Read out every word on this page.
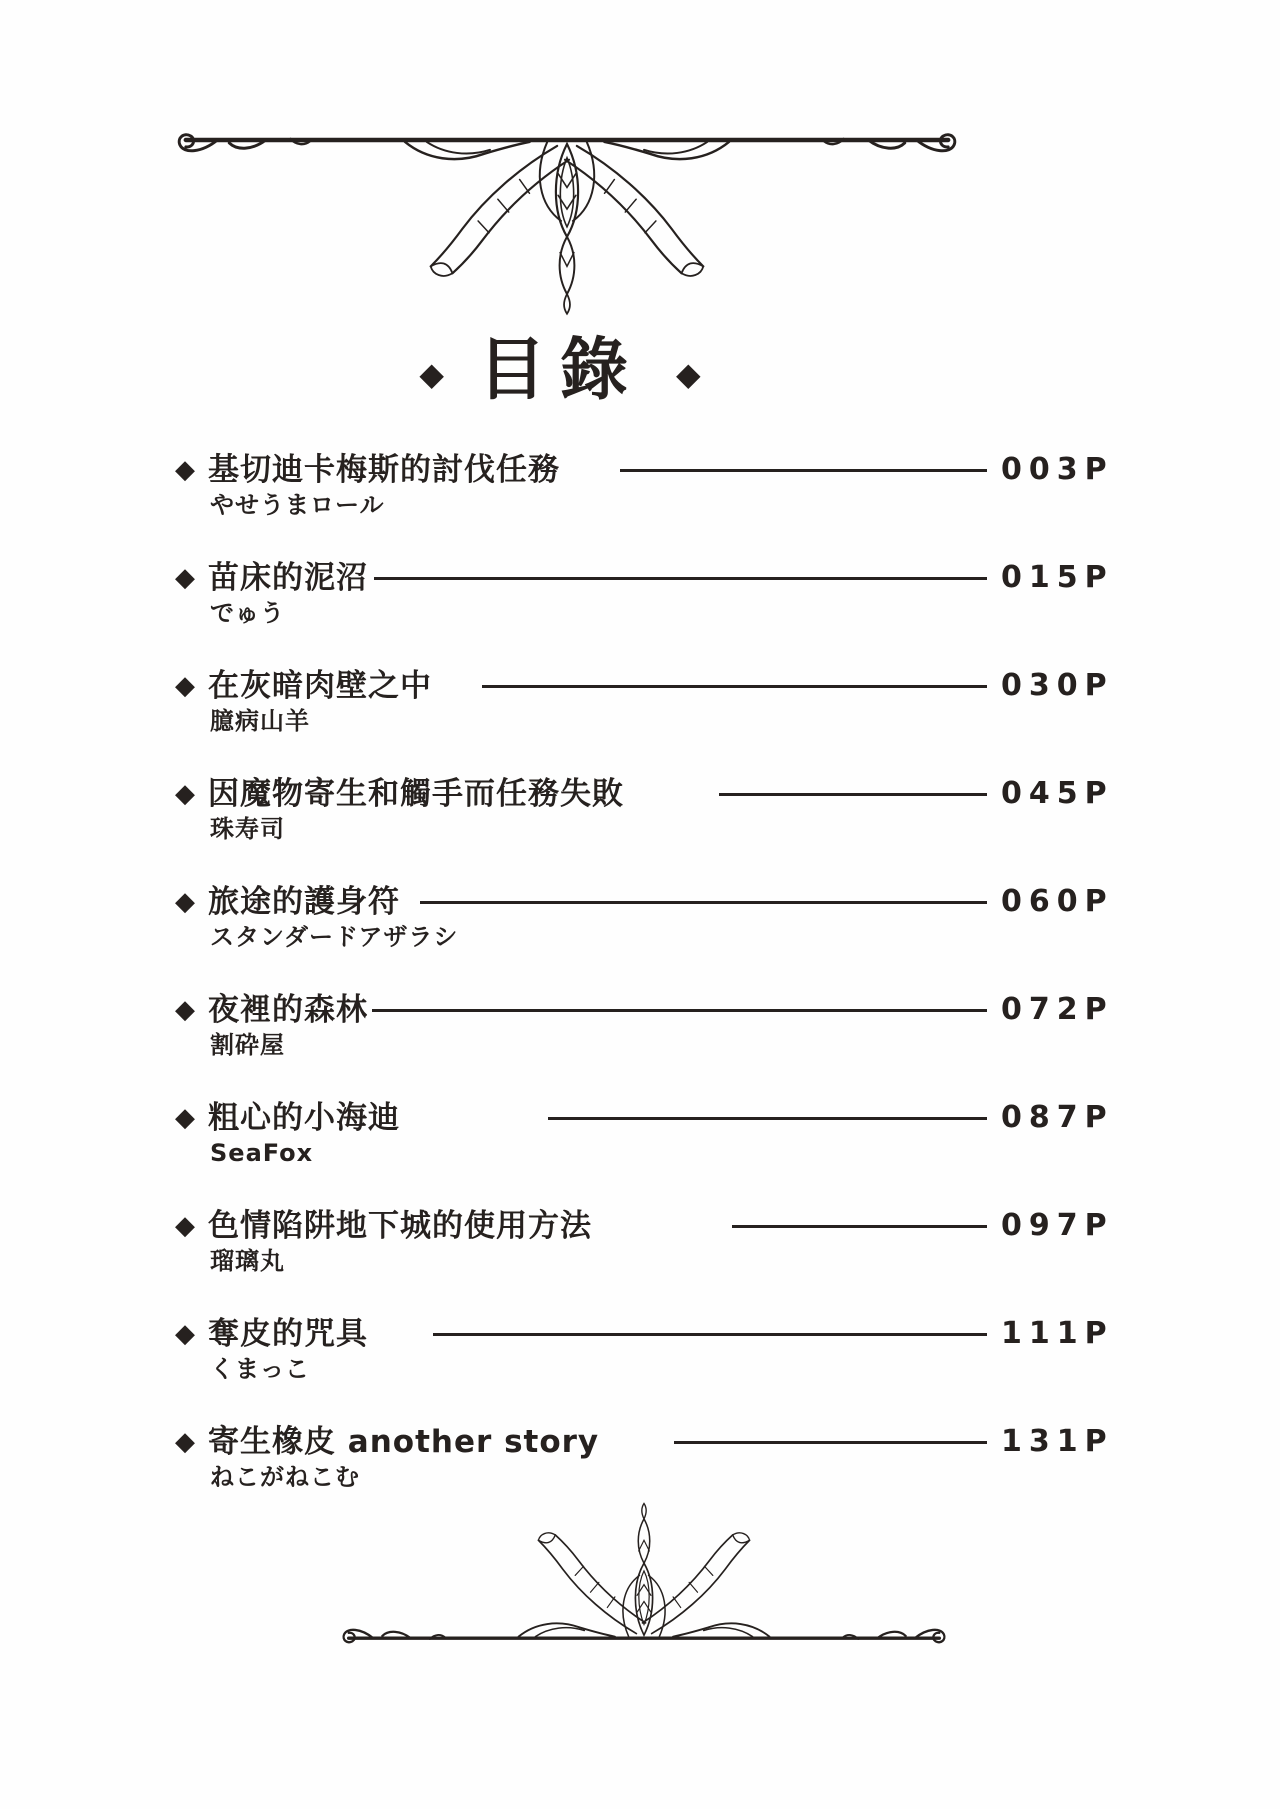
◆ 目錄 ◆
◆ 基切迪卡梅斯的討伐任務	003P
やせうまロール
◆ 苗床的泥沼	015P
でゅう
◆ 在灰暗肉壁之中	030P
臆病山羊
◆ 因魔物寄生和觸手而任務失敗	045P
珠寿司
◆ 旅途的護身符	060P
スタンダードアザラシ
◆ 夜裡的森林	072P
割砕屋
◆ 粗心的小海迪	087P
SeaFox
◆ 色情陷阱地下城的使用方法	097P
瑠璃丸
◆ 奪皮的咒具	111P
くまっこ
◆ 寄生橡皮 another story	131P
ねこがねこむ
